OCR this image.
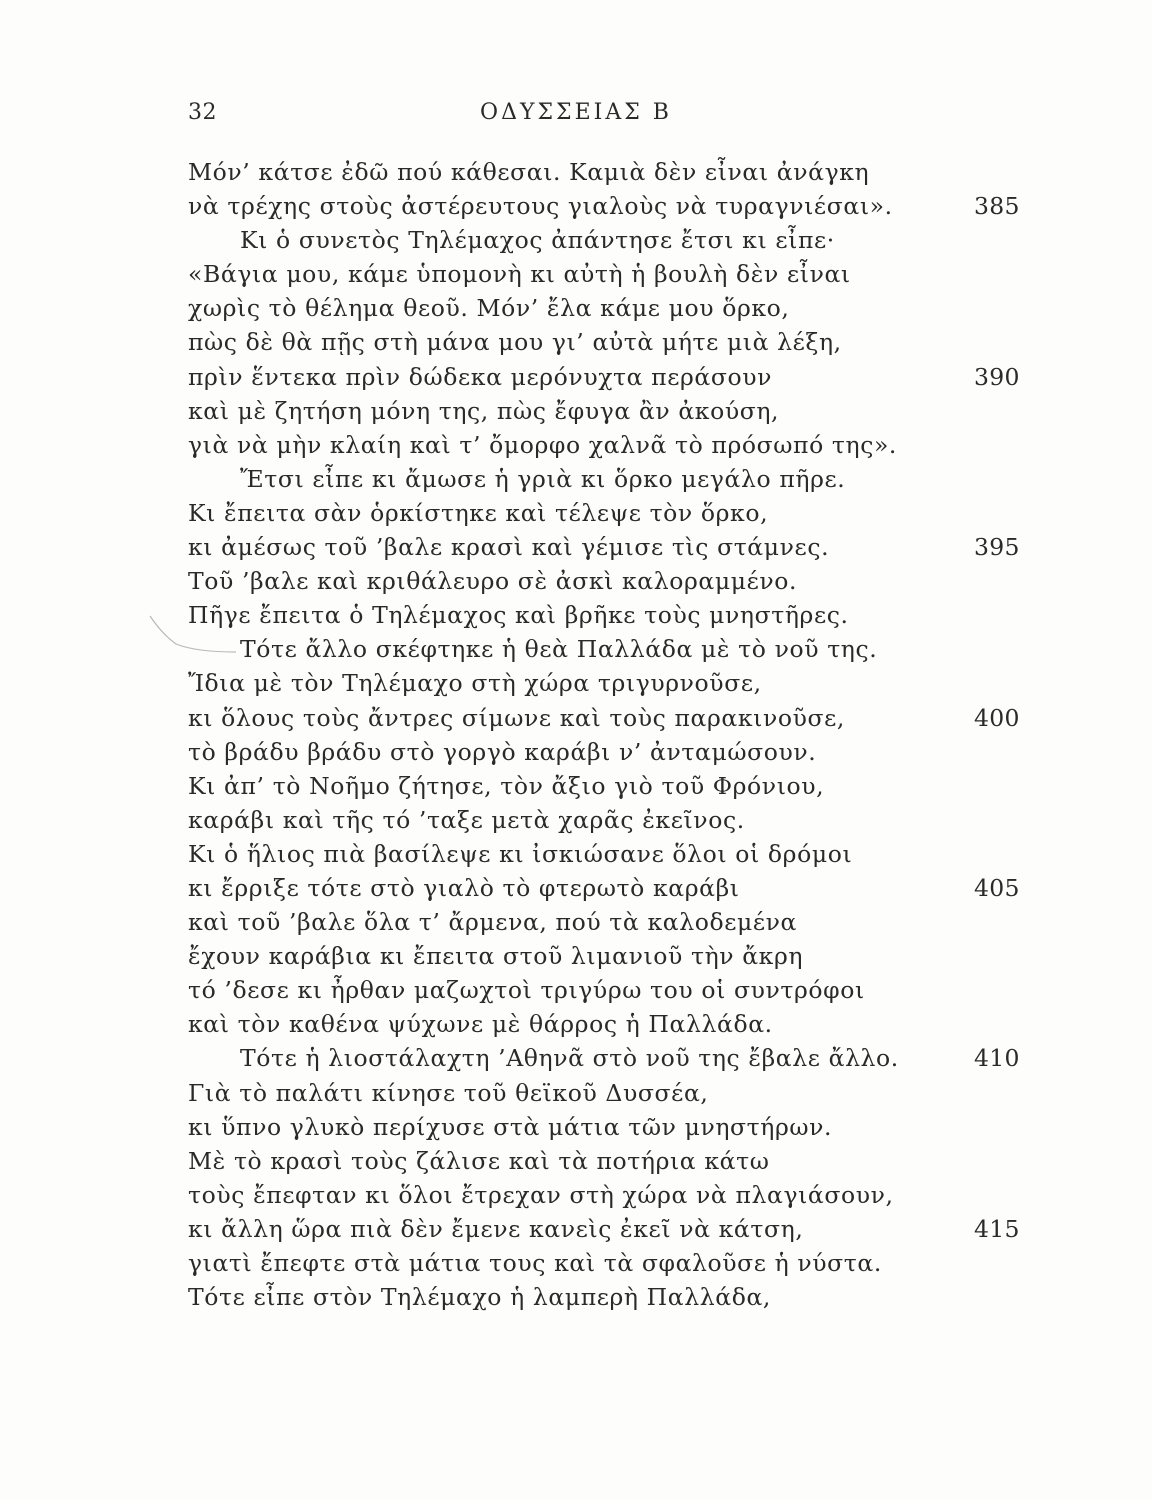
32	ΟΔΥΣΣΕΙΑΣ Β
Μόν’ κάτσε ἐδῶ πού κάθεσαι. Καμιὰ δὲν εἶναι ἀνάγκη
νὰ τρέχης στοὺς ἀστέρευτους γιαλοὺς νὰ τυραγνιέσαι».	385
Κι ὁ συνετὸς Τηλέμαχος ἀπάντησε ἔτσι κι εἶπε·
«Βάγια μου, κάμε ὑπομονὴ κι αὐτὴ ἡ βουλὴ δὲν εἶναι
χωρὶς τὸ θέλημα θεοῦ. Μόν’ ἔλα κάμε μου ὅρκο,
πὼς δὲ θὰ πῇς στὴ μάνα μου γι’ αὐτὰ μήτε μιὰ λέξη,
πρὶν ἕντεκα πρὶν δώδεκα μερόνυχτα περάσουν	390
καὶ μὲ ζητήση μόνη της, πὼς ἔφυγα ἂν ἀκούση,
γιὰ νὰ μὴν κλαίη καὶ τ’ ὄμορφο χαλνᾶ τὸ πρόσωπό της».
Ἔτσι εἶπε κι ἄμωσε ἡ γριὰ κι ὅρκο μεγάλο πῆρε.
Κι ἔπειτα σὰν ὁρκίστηκε καὶ τέλεψε τὸν ὅρκο,
κι ἀμέσως τοῦ ’βαλε κρασὶ καὶ γέμισε τὶς στάμνες.	395
Τοῦ ’βαλε καὶ κριθάλευρο σὲ ἀσκὶ καλοραμμένο.
Πῆγε ἔπειτα ὁ Τηλέμαχος καὶ βρῆκε τοὺς μνηστῆρες.
Τότε ἄλλο σκέφτηκε ἡ θεὰ Παλλάδα μὲ τὸ νοῦ της.
Ἴδια μὲ τὸν Τηλέμαχο στὴ χώρα τριγυρνοῦσε,
κι ὅλους τοὺς ἄντρες σίμωνε καὶ τοὺς παρακινοῦσε,	400
τὸ βράδυ βράδυ στὸ γοργὸ καράβι ν’ ἀνταμώσουν.
Κι ἀπ’ τὸ Νοῆμο ζήτησε, τὸν ἄξιο γιὸ τοῦ Φρόνιου,
καράβι καὶ τῆς τό ’ταξε μετὰ χαρᾶς ἐκεῖνος.
Κι ὁ ἥλιος πιὰ βασίλεψε κι ἰσκιώσανε ὅλοι οἱ δρόμοι
κι ἔρριξε τότε στὸ γιαλὸ τὸ φτερωτὸ καράβι	405
καὶ τοῦ ’βαλε ὅλα τ’ ἄρμενα, πού τὰ καλοδεμένα
ἔχουν καράβια κι ἔπειτα στοῦ λιμανιοῦ τὴν ἄκρη
τό ’δεσε κι ἦρθαν μαζωχτοὶ τριγύρω του οἱ συντρόφοι
καὶ τὸν καθένα ψύχωνε μὲ θάρρος ἡ Παλλάδα.
Τότε ἡ λιοστάλαχτη ’Αθηνᾶ στὸ νοῦ της ἔβαλε ἄλλο.	410
Γιὰ τὸ παλάτι κίνησε τοῦ θεϊκοῦ Δυσσέα,
κι ὕπνο γλυκὸ περίχυσε στὰ μάτια τῶν μνηστήρων.
Μὲ τὸ κρασὶ τοὺς ζάλισε καὶ τὰ ποτήρια κάτω
τοὺς ἔπεφταν κι ὅλοι ἔτρεχαν στὴ χώρα νὰ πλαγιάσουν,
κι ἄλλη ὥρα πιὰ δὲν ἔμενε κανεὶς ἐκεῖ νὰ κάτση,	415
γιατὶ ἔπεφτε στὰ μάτια τους καὶ τὰ σφαλοῦσε ἡ νύστα.
Τότε εἶπε στὸν Τηλέμαχο ἡ λαμπερὴ Παλλάδα,
